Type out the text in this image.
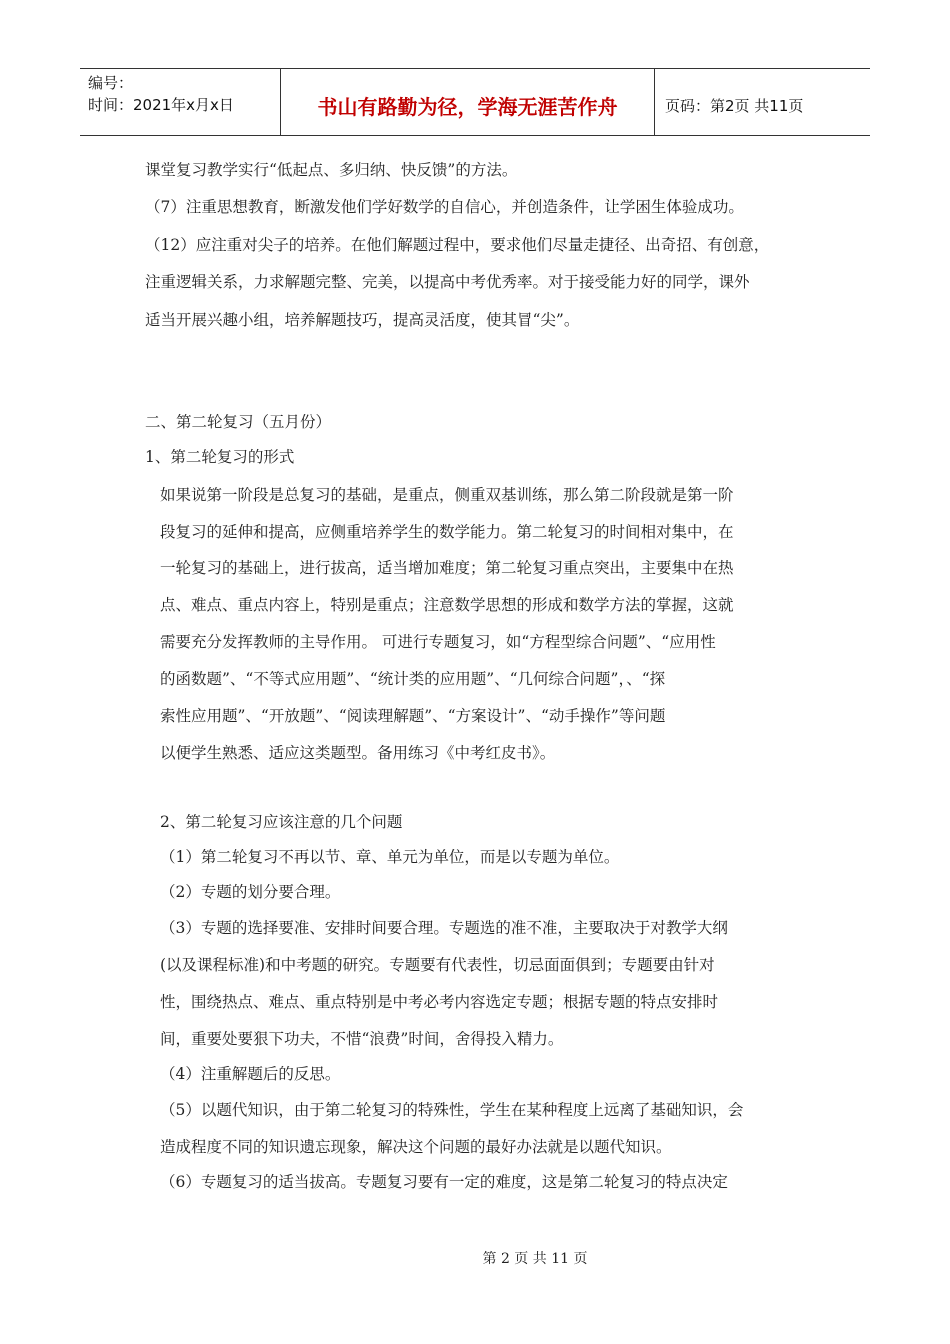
编号：
时间：2021年x月x日	书山有路勤为径，学海无涯苦作舟	页码：第2页 共11页
课堂复习教学实行“低起点、多归纳、快反馈”的方法。
（7）注重思想教育，断激发他们学好数学的自信心，并创造条件，让学困生体验成功。
（12）应注重对尖子的培养。在他们解题过程中，要求他们尽量走捷径、出奇招、有创意，
注重逻辑关系，力求解题完整、完美，以提高中考优秀率。对于接受能力好的同学，课外
适当开展兴趣小组，培养解题技巧，提高灵活度，使其冒“尖”。
二、第二轮复习（五月份）
1、第二轮复习的形式
如果说第一阶段是总复习的基础，是重点，侧重双基训练，那么第二阶段就是第一阶
段复习的延伸和提高，应侧重培养学生的数学能力。第二轮复习的时间相对集中，在
一轮复习的基础上，进行拔高，适当增加难度；第二轮复习重点突出，主要集中在热
点、难点、重点内容上，特别是重点；注意数学思想的形成和数学方法的掌握，这就
需要充分发挥教师的主导作用。 可进行专题复习，如“方程型综合问题”、“应用性
的函数题”、“不等式应用题”、“统计类的应用题”、“几何综合问题”，、“探
索性应用题”、“开放题”、“阅读理解题”、“方案设计”、“动手操作”等问题
以便学生熟悉、适应这类题型。备用练习《中考红皮书》。
2、第二轮复习应该注意的几个问题
（1）第二轮复习不再以节、章、单元为单位，而是以专题为单位。
（2）专题的划分要合理。
（3）专题的选择要准、安排时间要合理。专题选的准不准，主要取决于对教学大纲
(以及课程标准)和中考题的研究。专题要有代表性，切忌面面俱到；专题要由针对
性，围绕热点、难点、重点特别是中考必考内容选定专题；根据专题的特点安排时
间，重要处要狠下功夫，不惜“浪费”时间，舍得投入精力。
（4）注重解题后的反思。
（5）以题代知识，由于第二轮复习的特殊性，学生在某种程度上远离了基础知识，会
造成程度不同的知识遗忘现象，解决这个问题的最好办法就是以题代知识。
（6）专题复习的适当拔高。专题复习要有一定的难度，这是第二轮复习的特点决定
第 2 页 共 11 页
